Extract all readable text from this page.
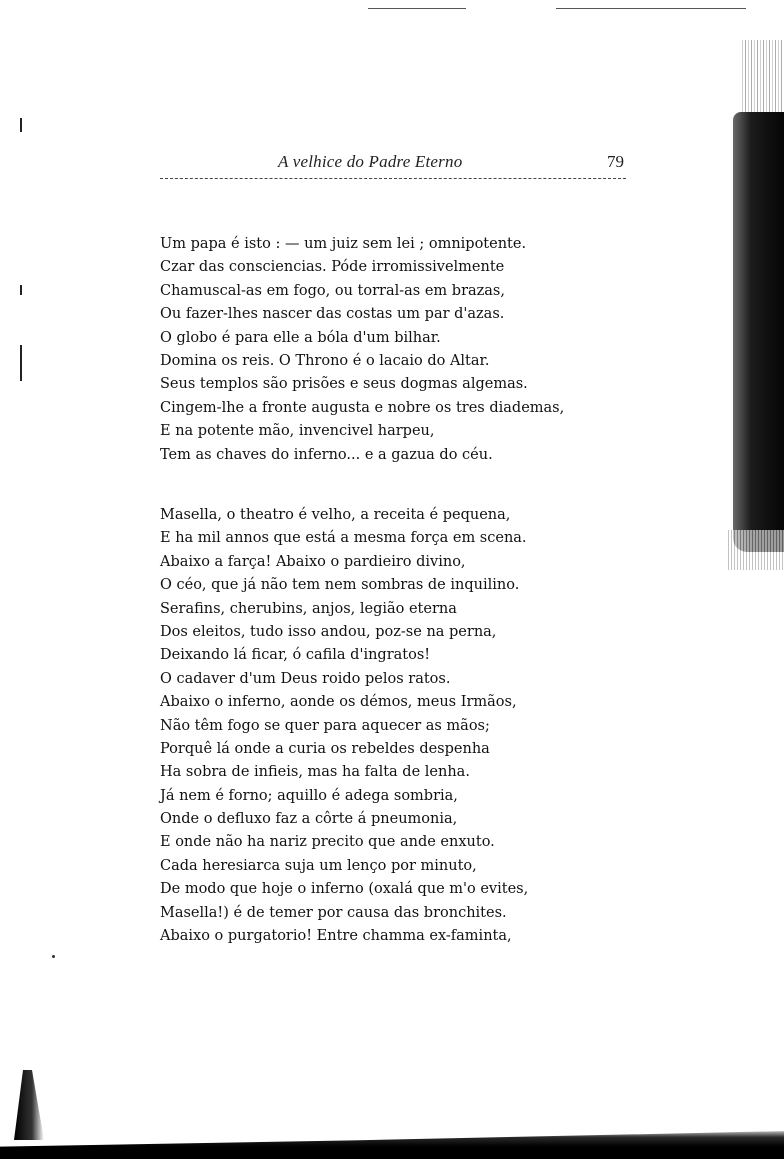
A velhice do Padre Eterno	79
Um papa é isto : — um juiz sem lei ; omnipotente.
Czar das consciencias. Póde irromissivelmente
Chamuscal-as em fogo, ou torral-as em brazas,
Ou fazer-lhes nascer das costas um par d'azas.
O globo é para elle a bóla d'um bilhar.
Domina os reis. O Throno é o lacaio do Altar.
Seus templos são prisões e seus dogmas algemas.
Cingem-lhe a fronte augusta e nobre os tres diademas,
E na potente mão, invencivel harpeu,
Tem as chaves do inferno... e a gazua do céu.
Masella, o theatro é velho, a receita é pequena,
E ha mil annos que está a mesma força em scena.
Abaixo a farça! Abaixo o pardieiro divino,
O céo, que já não tem nem sombras de inquilino.
Serafins, cherubins, anjos, legião eterna
Dos eleitos, tudo isso andou, poz-se na perna,
Deixando lá ficar, ó cafila d'ingratos!
O cadaver d'um Deus roido pelos ratos.
Abaixo o inferno, aonde os démos, meus Irmãos,
Não têm fogo se quer para aquecer as mãos;
Porquê lá onde a curia os rebeldes despenha
Ha sobra de infieis, mas ha falta de lenha.
Já nem é forno; aquillo é adega sombria,
Onde o defluxo faz a côrte á pneumonia,
E onde não ha nariz precito que ande enxuto.
Cada heresiarca suja um lenço por minuto,
De modo que hoje o inferno (oxalá que m'o evites,
Masella!) é de temer por causa das bronchites.
Abaixo o purgatorio! Entre chamma ex-faminta,
